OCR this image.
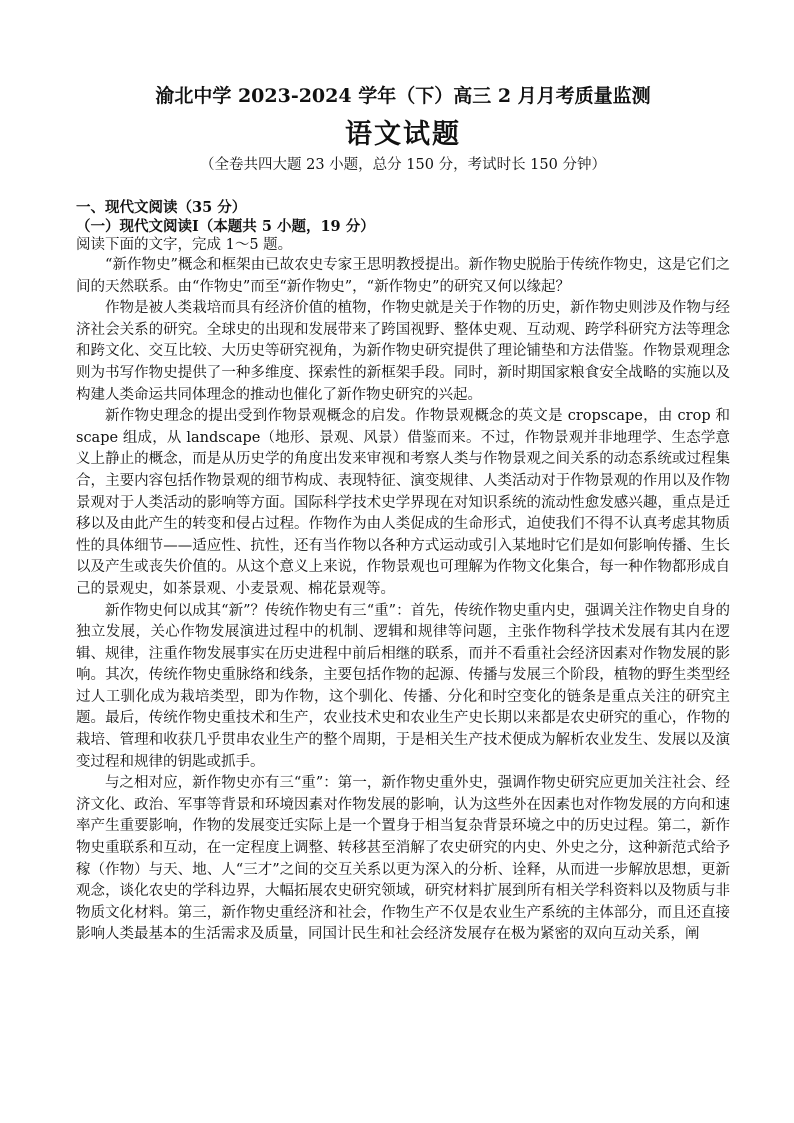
渝北中学 2023-2024 学年（下）高三 2 月月考质量监测
语文试题

（全卷共四大题 23 小题，总分 150 分，考试时长 150 分钟）

一、现代文阅读（35 分）

（一）现代文阅读Ⅰ（本题共 5 小题，19 分）

阅读下面的文字，完成 1～5 题。

“新作物史”概念和框架由已故农史专家王思明教授提出。新作物史脱胎于传统作物史，这是它们之间的天然联系。由“作物史”而至“新作物史”，“新作物史”的研究又何以缘起？

作物是被人类栽培而具有经济价值的植物，作物史就是关于作物的历史，新作物史则涉及作物与经济社会关系的研究。全球史的出现和发展带来了跨国视野、整体史观、互动观、跨学科研究方法等理念和跨文化、交互比较、大历史等研究视角，为新作物史研究提供了理论铺垫和方法借鉴。作物景观理念则为书写作物史提供了一种多维度、探索性的新框架手段。同时，新时期国家粮食安全战略的实施以及构建人类命运共同体理念的推动也催化了新作物史研究的兴起。

新作物史理念的提出受到作物景观概念的启发。作物景观概念的英文是 cropscape，由 crop 和 scape 组成，从 landscape（地形、景观、风景）借鉴而来。不过，作物景观并非地理学、生态学意义上静止的概念，而是从历史学的角度出发来审视和考察人类与作物景观之间关系的动态系统或过程集合，主要内容包括作物景观的细节构成、表现特征、演变规律、人类活动对于作物景观的作用以及作物景观对于人类活动的影响等方面。国际科学技术史学界现在对知识系统的流动性愈发感兴趣，重点是迁移以及由此产生的转变和侵占过程。作物作为由人类促成的生命形式，迫使我们不得不认真考虑其物质性的具体细节——适应性、抗性，还有当作物以各种方式运动或引入某地时它们是如何影响传播、生长以及产生或丧失价值的。从这个意义上来说，作物景观也可理解为作物文化集合，每一种作物都形成自己的景观史，如茶景观、小麦景观、棉花景观等。

新作物史何以成其“新”？传统作物史有三“重”：首先，传统作物史重内史，强调关注作物史自身的独立发展，关心作物发展演进过程中的机制、逻辑和规律等问题，主张作物科学技术发展有其内在逻辑、规律，注重作物发展事实在历史进程中前后相继的联系，而并不看重社会经济因素对作物发展的影响。其次，传统作物史重脉络和线条，主要包括作物的起源、传播与发展三个阶段，植物的野生类型经过人工驯化成为栽培类型，即为作物，这个驯化、传播、分化和时空变化的链条是重点关注的研究主题。最后，传统作物史重技术和生产，农业技术史和农业生产史长期以来都是农史研究的重心，作物的栽培、管理和收获几乎贯串农业生产的整个周期，于是相关生产技术便成为解析农业发生、发展以及演变过程和规律的钥匙或抓手。

与之相对应，新作物史亦有三“重”：第一，新作物史重外史，强调作物史研究应更加关注社会、经济文化、政治、军事等背景和环境因素对作物发展的影响，认为这些外在因素也对作物发展的方向和速率产生重要影响，作物的发展变迁实际上是一个置身于相当复杂背景环境之中的历史过程。第二，新作物史重联系和互动，在一定程度上调整、转移甚至消解了农史研究的内史、外史之分，这种新范式给予稼（作物）与天、地、人“三才”之间的交互关系以更为深入的分析、诠释，从而进一步解放思想，更新观念，谈化农史的学科边界，大幅拓展农史研究领域，研究材料扩展到所有相关学科资料以及物质与非物质文化材料。第三，新作物史重经济和社会，作物生产不仅是农业生产系统的主体部分，而且还直接影响人类最基本的生活需求及质量，同国计民生和社会经济发展存在极为紧密的双向互动关系，阐
